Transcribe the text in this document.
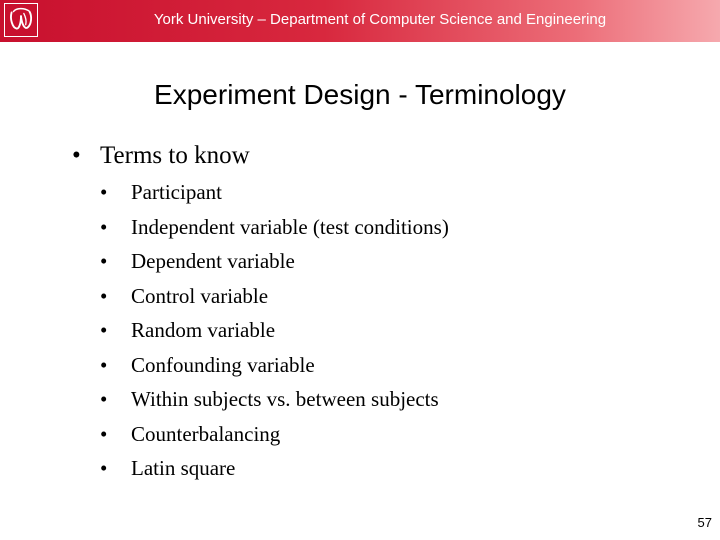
York University – Department of Computer Science and Engineering
Experiment Design - Terminology
• Terms to know
• Participant
• Independent variable (test conditions)
• Dependent variable
• Control variable
• Random variable
• Confounding variable
• Within subjects vs. between subjects
• Counterbalancing
• Latin square
57
